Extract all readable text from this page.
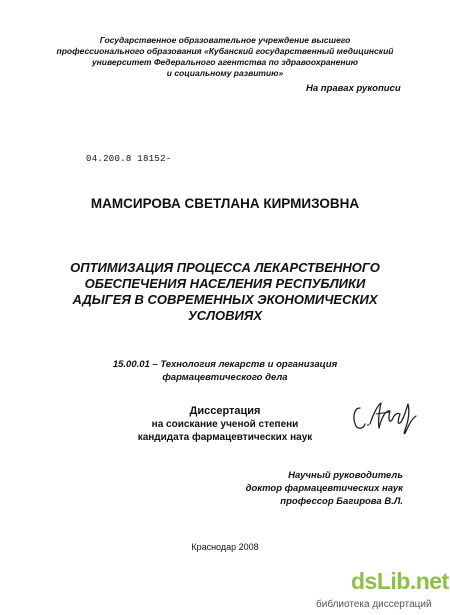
Государственное образовательное учреждение высшего
профессионального образования «Кубанский государственный медицинский
университет Федерального агентства по здравоохранению
и социальному развитию»
На правах рукописи
04.200.8 18152-
МАМСИРОВА СВЕТЛАНА КИРМИЗОВНА
ОПТИМИЗАЦИЯ ПРОЦЕССА ЛЕКАРСТВЕННОГО
ОБЕСПЕЧЕНИЯ НАСЕЛЕНИЯ РЕСПУБЛИКИ
АДЫГЕЯ В СОВРЕМЕННЫХ ЭКОНОМИЧЕСКИХ
УСЛОВИЯХ
15.00.01 – Технология лекарств и организация
фармацевтического дела
Диссертация
на соискание ученой степени
кандидата фармацевтических наук
Научный руководитель
доктор фармацевтических наук
профессор Багирова В.Л.
Краснодар 2008
dsLib.net
библиотека диссертаций
